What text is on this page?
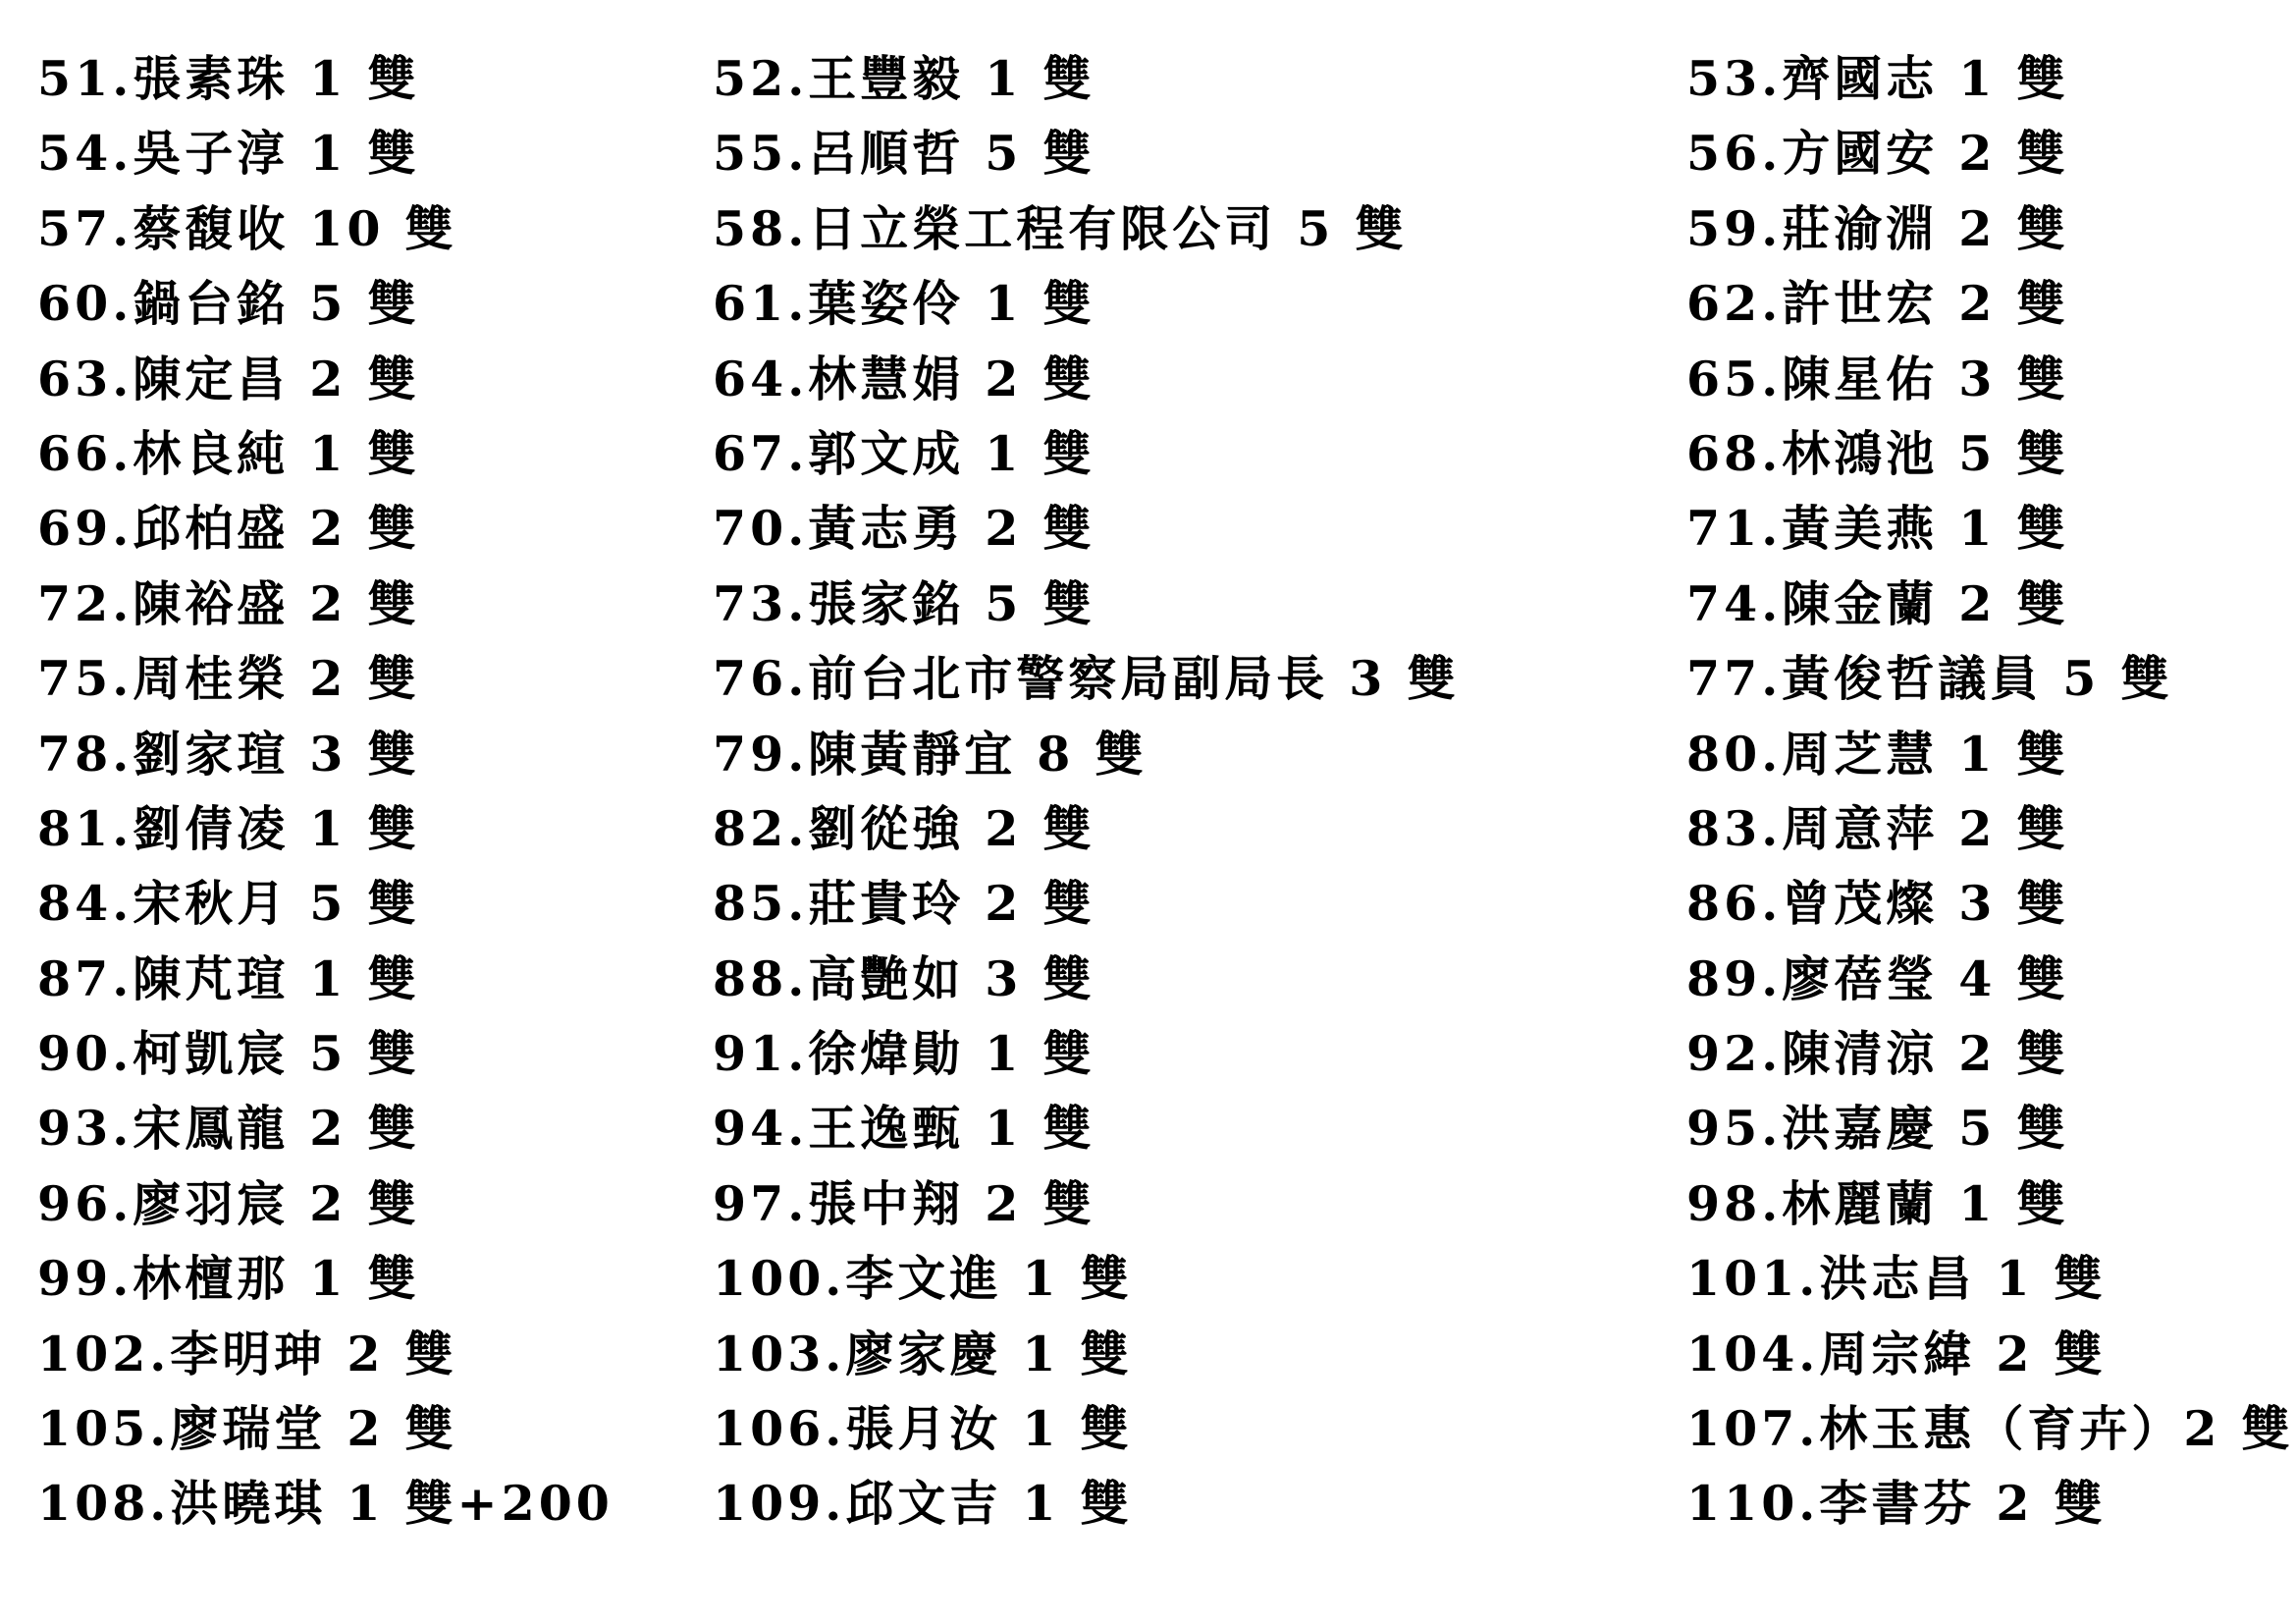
51.張素珠 1 雙
54.吳子淳 1 雙
57.蔡馥收 10 雙
60.鍋台銘 5 雙
63.陳定昌 2 雙
66.林良純 1 雙
69.邱柏盛 2 雙
72.陳裕盛 2 雙
75.周桂榮 2 雙
78.劉家瑄 3 雙
81.劉倩凌 1 雙
84.宋秋月 5 雙
87.陳芃瑄 1 雙
90.柯凱宸 5 雙
93.宋鳳龍 2 雙
96.廖羽宸 2 雙
99.林檀那 1 雙
102.李明珅 2 雙
105.廖瑞堂 2 雙
108.洪曉琪 1 雙+200
52.王豐毅 1 雙
55.呂順哲 5 雙
58.日立榮工程有限公司 5 雙
61.葉姿伶 1 雙
64.林慧娟 2 雙
67.郭文成 1 雙
70.黃志勇 2 雙
73.張家銘 5 雙
76.前台北市警察局副局長 3 雙
79.陳黃靜宜 8 雙
82.劉從強 2 雙
85.莊貴玲 2 雙
88.高艷如 3 雙
91.徐煒勛 1 雙
94.王逸甄 1 雙
97.張中翔 2 雙
100.李文進 1 雙
103.廖家慶 1 雙
106.張月汝 1 雙
109.邱文吉 1 雙
53.齊國志 1 雙
56.方國安 2 雙
59.莊渝淵 2 雙
62.許世宏 2 雙
65.陳星佑 3 雙
68.林鴻池 5 雙
71.黃美燕 1 雙
74.陳金蘭 2 雙
77.黃俊哲議員 5 雙
80.周芝慧 1 雙
83.周意萍 2 雙
86.曾茂燦 3 雙
89.廖蓓瑩 4 雙
92.陳清涼 2 雙
95.洪嘉慶 5 雙
98.林麗蘭 1 雙
101.洪志昌 1 雙
104.周宗緯 2 雙
107.林玉惠（育卉）2 雙
110.李書芬 2 雙
